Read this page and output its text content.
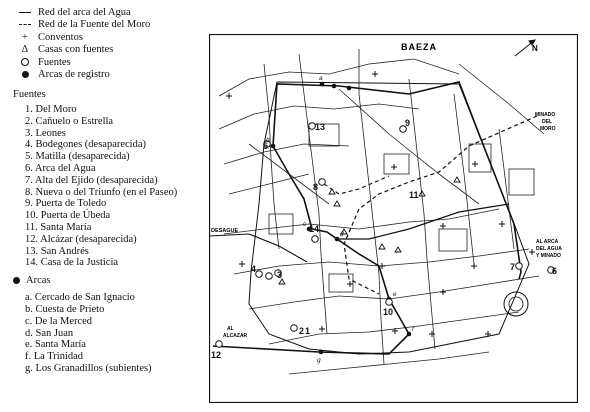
Red del arca del Agua
Red de la Fuente del Moro
+ Conventos
Δ Casas con fuentes
Fuentes
Arcas de registro
Fuentes
1. Del Moro
2. Cañuelo o Estrella
3. Leones
4. Bodegones (desaparecida)
5. Matilla (desaparecida)
6. Arca del Agua
7. Alta del Ejido (desaparecida)
8. Nueva o del Triunfo (en el Paseo)
9. Puerta de Toledo
10. Puerta de Úbeda
11. Santa María
12. Alcázar (desaparecida)
13. San Andrés
14. Casa de la Justicia
Arcas
a. Cercado de San Ignacio
b. Cuesta de Prieto
c. De la Merced
d. San Juan
e. Santa María
f. La Trinidad
g. Los Granadillos (subientes)
N
BAEZA
DESAGUE
MINADO
DEL
MORO
AL ARCA
DEL AGUA
Y MINADO
AL
ALCAZAR
12
14
13
4
3
10
7	6
2 1
5
9
8
11
a
b
c
d
e
f
g
